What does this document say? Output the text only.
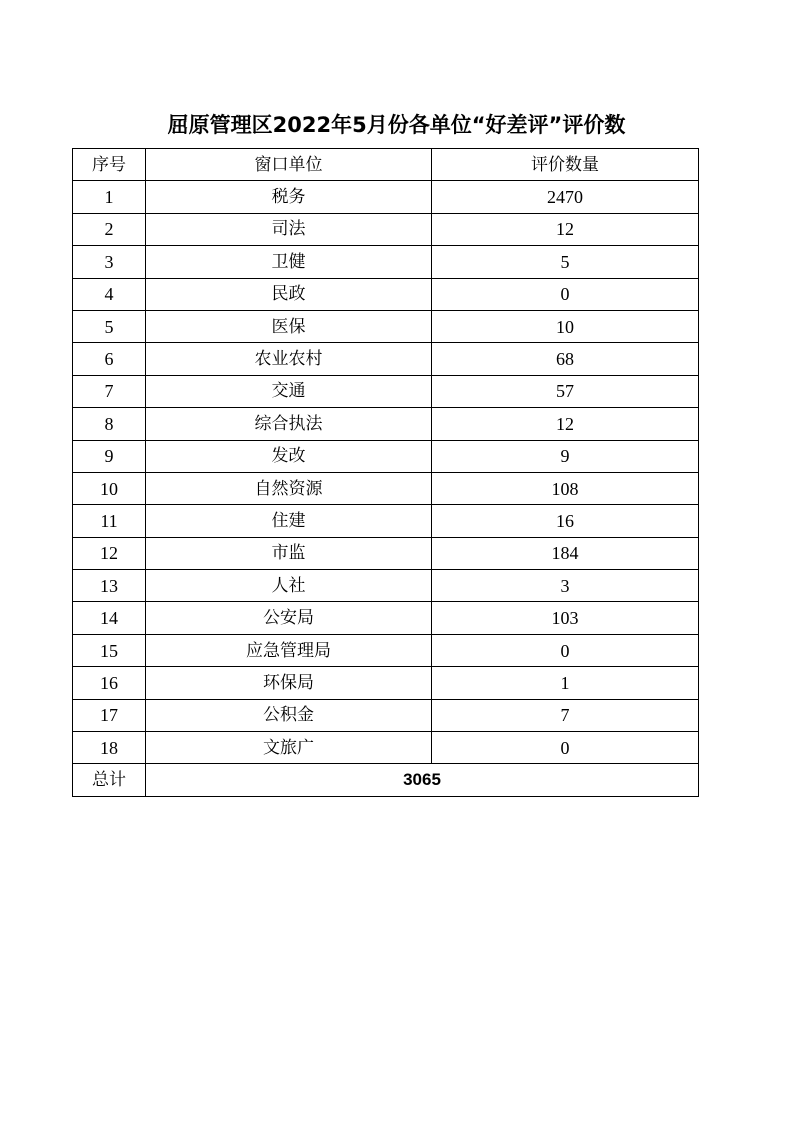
屈原管理区2022年5月份各单位“好差评”评价数
序号	窗口单位	评价数量
1	税务	2470
2	司法	12
3	卫健	5
4	民政	0
5	医保	10
6	农业农村	68
7	交通	57
8	综合执法	12
9	发改	9
10	自然资源	108
11	住建	16
12	市监	184
13	人社	3
14	公安局	103
15	应急管理局	0
16	环保局	1
17	公积金	7
18	文旅广	0
总计	3065	
